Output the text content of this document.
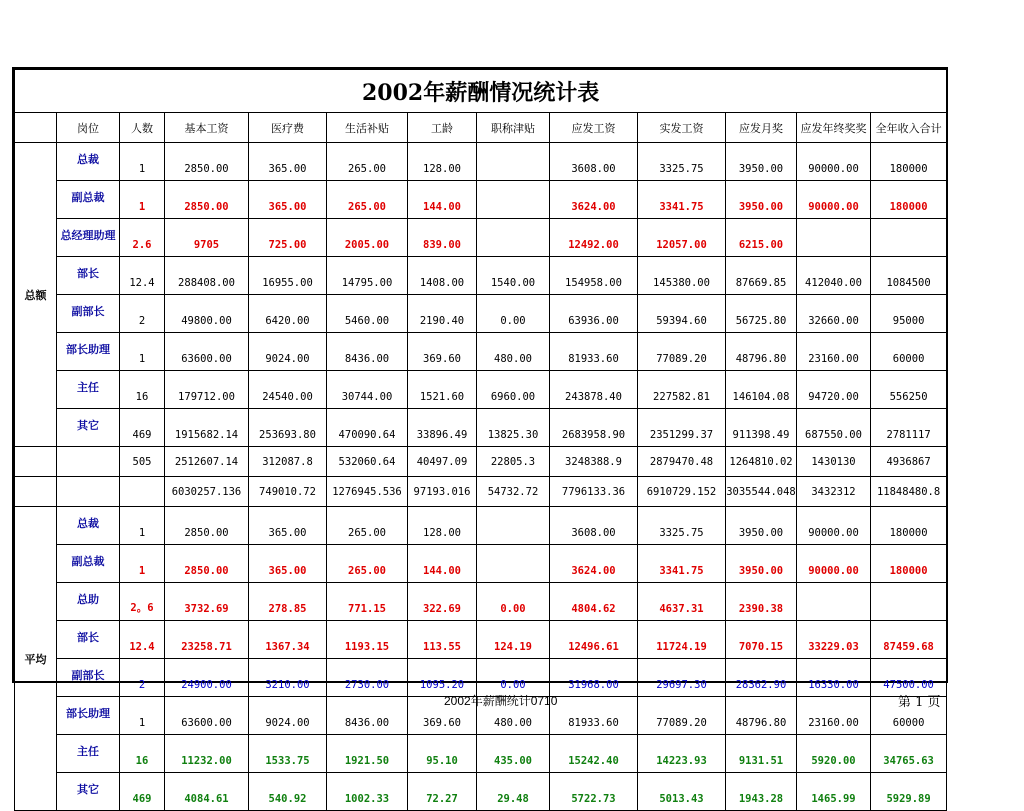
2002年薪酬情况统计表												
	岗位	人数	基本工资	医疗费	生活补贴	工龄	职称津贴	应发工资	实发工资	应发月奖	应发年终奖奖	全年收入合计
总额	总裁	1	2850.00	365.00	265.00	128.00		3608.00	3325.75	3950.00	90000.00	180000
	副总裁	1	2850.00	365.00	265.00	144.00		3624.00	3341.75	3950.00	90000.00	180000
	总经理助理	2.6	9705	725.00	2005.00	839.00		12492.00	12057.00	6215.00		
	部长	12.4	288408.00	16955.00	14795.00	1408.00	1540.00	154958.00	145380.00	87669.85	412040.00	1084500
	副部长	2	49800.00	6420.00	5460.00	2190.40	0.00	63936.00	59394.60	56725.80	32660.00	95000
	部长助理	1	63600.00	9024.00	8436.00	369.60	480.00	81933.60	77089.20	48796.80	23160.00	60000
	主任	16	179712.00	24540.00	30744.00	1521.60	6960.00	243878.40	227582.81	146104.08	94720.00	556250
	其它	469	1915682.14	253693.80	470090.64	33896.49	13825.30	2683958.90	2351299.37	911398.49	687550.00	2781117
		505	2512607.14	312087.8	532060.64	40497.09	22805.3	3248388.9	2879470.48	1264810.02	1430130	4936867
			6030257.136	749010.72	1276945.536	97193.016	54732.72	7796133.36	6910729.152	3035544.048	3432312	11848480.8
平均	总裁	1	2850.00	365.00	265.00	128.00		3608.00	3325.75	3950.00	90000.00	180000
	副总裁	1	2850.00	365.00	265.00	144.00		3624.00	3341.75	3950.00	90000.00	180000
	总助	2。6	3732.69	278.85	771.15	322.69	0.00	4804.62	4637.31	2390.38		
	部长	12.4	23258.71	1367.34	1193.15	113.55	124.19	12496.61	11724.19	7070.15	33229.03	87459.68
	副部长	2	24900.00	3210.00	2730.00	1095.20	0.00	31968.00	29697.30	28362.90	16330.00	47500.00
	部长助理	1	63600.00	9024.00	8436.00	369.60	480.00	81933.60	77089.20	48796.80	23160.00	60000
	主任	16	11232.00	1533.75	1921.50	95.10	435.00	15242.40	14223.93	9131.51	5920.00	34765.63
	其它	469	4084.61	540.92	1002.33	72.27	29.48	5722.73	5013.43	1943.28	1465.99	5929.89
2002年薪酬统计0710	第 1 页
